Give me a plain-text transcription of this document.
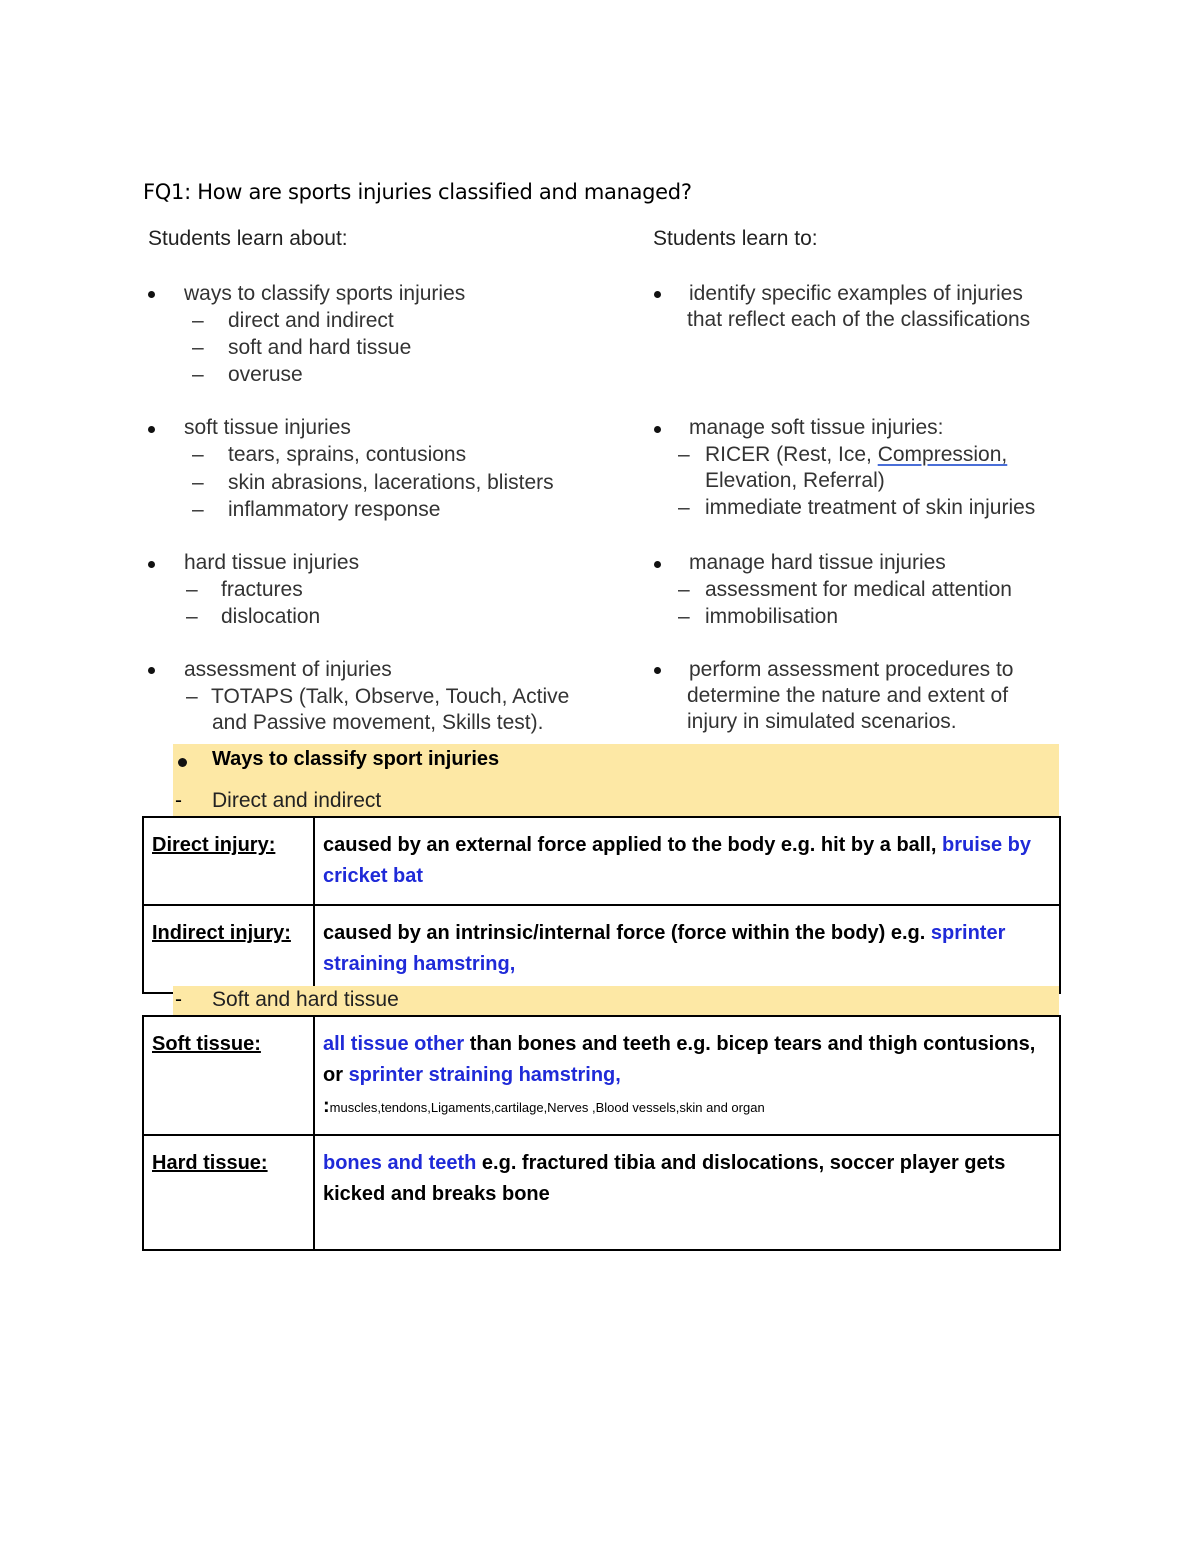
FQ1: How are sports injuries classified and managed?
Students learn about:	Students learn to:
ways to classify sports injuries
– direct and indirect
– soft and hard tissue
– overuse
soft tissue injuries
– tears, sprains, contusions
– skin abrasions, lacerations, blisters
– inflammatory response
hard tissue injuries
– fractures
– dislocation
assessment of injuries
– TOTAPS (Talk, Observe, Touch, Active
and Passive movement, Skills test).
identify specific examples of injuries
that reflect each of the classifications
manage soft tissue injuries:
– RICER (Rest, Ice, Compression,
Elevation, Referral)
– immediate treatment of skin injuries
manage hard tissue injuries
– assessment for medical attention
– immobilisation
perform assessment procedures to
determine the nature and extent of
injury in simulated scenarios.
Ways to classify sport injuries
- Direct and indirect
Direct injury:	caused by an external force applied to the body e.g. hit by a ball, bruise by cricket bat
Indirect injury:	caused by an intrinsic/internal force (force within the body) e.g. sprinter straining hamstring,
- Soft and hard tissue
Soft tissue:	all tissue other than bones and teeth e.g. bicep tears and thigh contusions, or sprinter straining hamstring,
:muscles,tendons,Ligaments,cartilage,Nerves ,Blood vessels,skin and organ
Hard tissue:	bones and teeth e.g. fractured tibia and dislocations, soccer player gets kicked and breaks bone
